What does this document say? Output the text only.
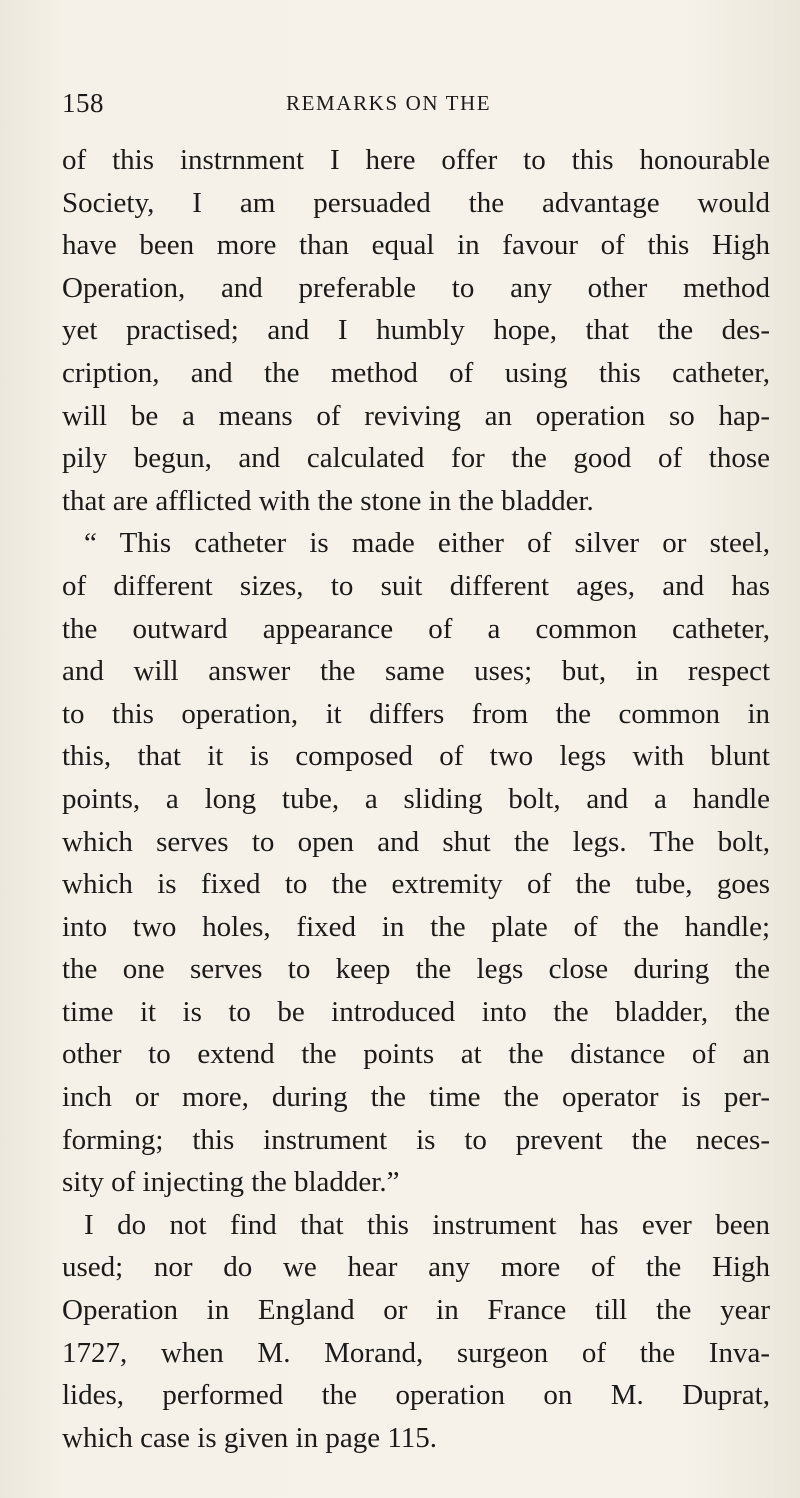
158	REMARKS ON THE
of this instrnment I here offer to this honourable
Society, I am persuaded the advantage would
have been more than equal in favour of this High
Operation, and preferable to any other method
yet practised; and I humbly hope, that the des-
cription, and the method of using this catheter,
will be a means of reviving an operation so hap-
pily begun, and calculated for the good of those
that are afflicted with the stone in the bladder.
“ This catheter is made either of silver or steel,
of different sizes, to suit different ages, and has
the outward appearance of a common catheter,
and will answer the same uses; but, in respect
to this operation, it differs from the common in
this, that it is composed of two legs with blunt
points, a long tube, a sliding bolt, and a handle
which serves to open and shut the legs. The bolt,
which is fixed to the extremity of the tube, goes
into two holes, fixed in the plate of the handle;
the one serves to keep the legs close during the
time it is to be introduced into the bladder, the
other to extend the points at the distance of an
inch or more, during the time the operator is per-
forming; this instrument is to prevent the neces-
sity of injecting the bladder.”
I do not find that this instrument has ever been
used; nor do we hear any more of the High
Operation in England or in France till the year
1727, when M. Morand, surgeon of the Inva-
lides, performed the operation on M. Duprat,
which case is given in page 115.
